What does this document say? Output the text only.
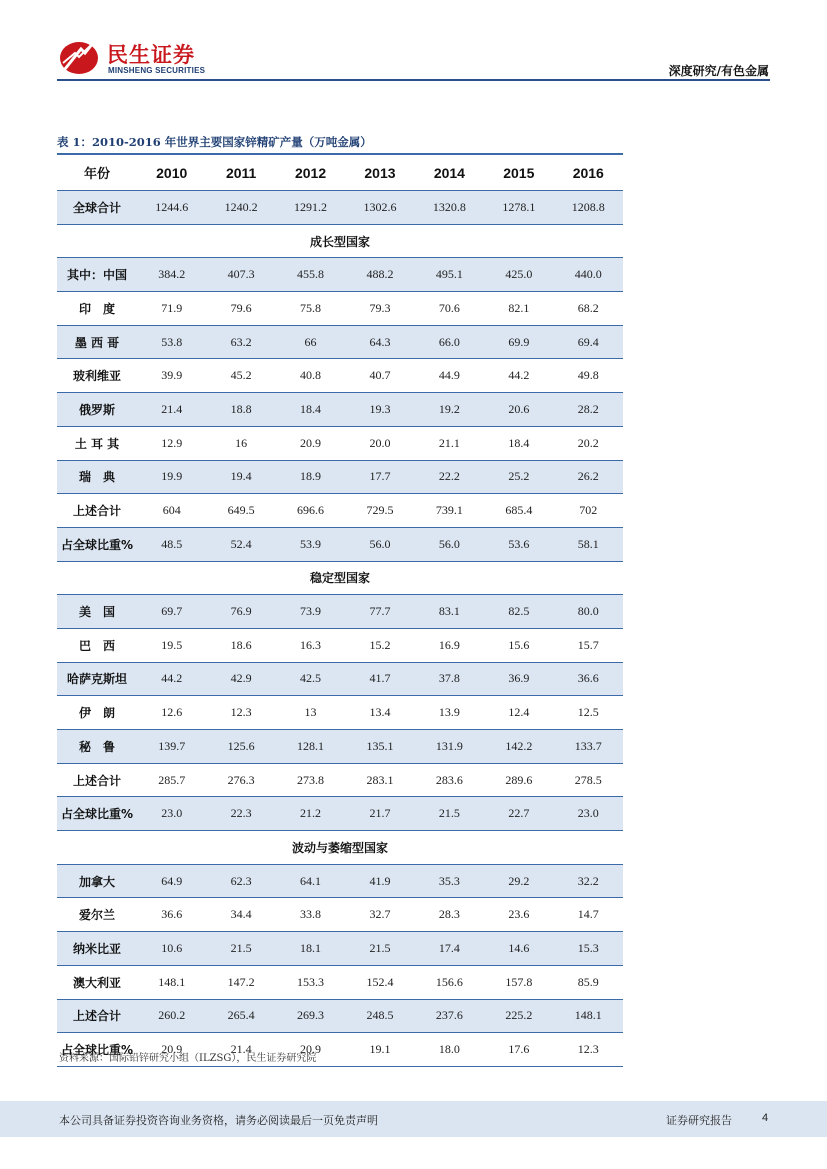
民生证券
MINSHENG SECURITIES	深度研究/有色金属
表 1：2010-2016 年世界主要国家锌精矿产量（万吨金属）
年份	2010	2011	2012	2013	2014	2015	2016
全球合计	1244.6	1240.2	1291.2	1302.6	1320.8	1278.1	1208.8
成长型国家							
其中：中国	384.2	407.3	455.8	488.2	495.1	425.0	440.0
印　度	71.9	79.6	75.8	79.3	70.6	82.1	68.2
墨 西 哥	53.8	63.2	66	64.3	66.0	69.9	69.4
玻利维亚	39.9	45.2	40.8	40.7	44.9	44.2	49.8
俄罗斯	21.4	18.8	18.4	19.3	19.2	20.6	28.2
土 耳 其	12.9	16	20.9	20.0	21.1	18.4	20.2
瑞　典	19.9	19.4	18.9	17.7	22.2	25.2	26.2
上述合计	604	649.5	696.6	729.5	739.1	685.4	702
占全球比重%	48.5	52.4	53.9	56.0	56.0	53.6	58.1
稳定型国家							
美　国	69.7	76.9	73.9	77.7	83.1	82.5	80.0
巴　西	19.5	18.6	16.3	15.2	16.9	15.6	15.7
哈萨克斯坦	44.2	42.9	42.5	41.7	37.8	36.9	36.6
伊　朗	12.6	12.3	13	13.4	13.9	12.4	12.5
秘　鲁	139.7	125.6	128.1	135.1	131.9	142.2	133.7
上述合计	285.7	276.3	273.8	283.1	283.6	289.6	278.5
占全球比重%	23.0	22.3	21.2	21.7	21.5	22.7	23.0
波动与萎缩型国家							
加拿大	64.9	62.3	64.1	41.9	35.3	29.2	32.2
爱尔兰	36.6	34.4	33.8	32.7	28.3	23.6	14.7
纳米比亚	10.6	21.5	18.1	21.5	17.4	14.6	15.3
澳大利亚	148.1	147.2	153.3	152.4	156.6	157.8	85.9
上述合计	260.2	265.4	269.3	248.5	237.6	225.2	148.1
占全球比重%	20.9	21.4	20.9	19.1	18.0	17.6	12.3
资料来源：国际铅锌研究小组（ILZSG），民生证券研究院
本公司具备证券投资咨询业务资格，请务必阅读最后一页免责声明	证券研究报告	4
